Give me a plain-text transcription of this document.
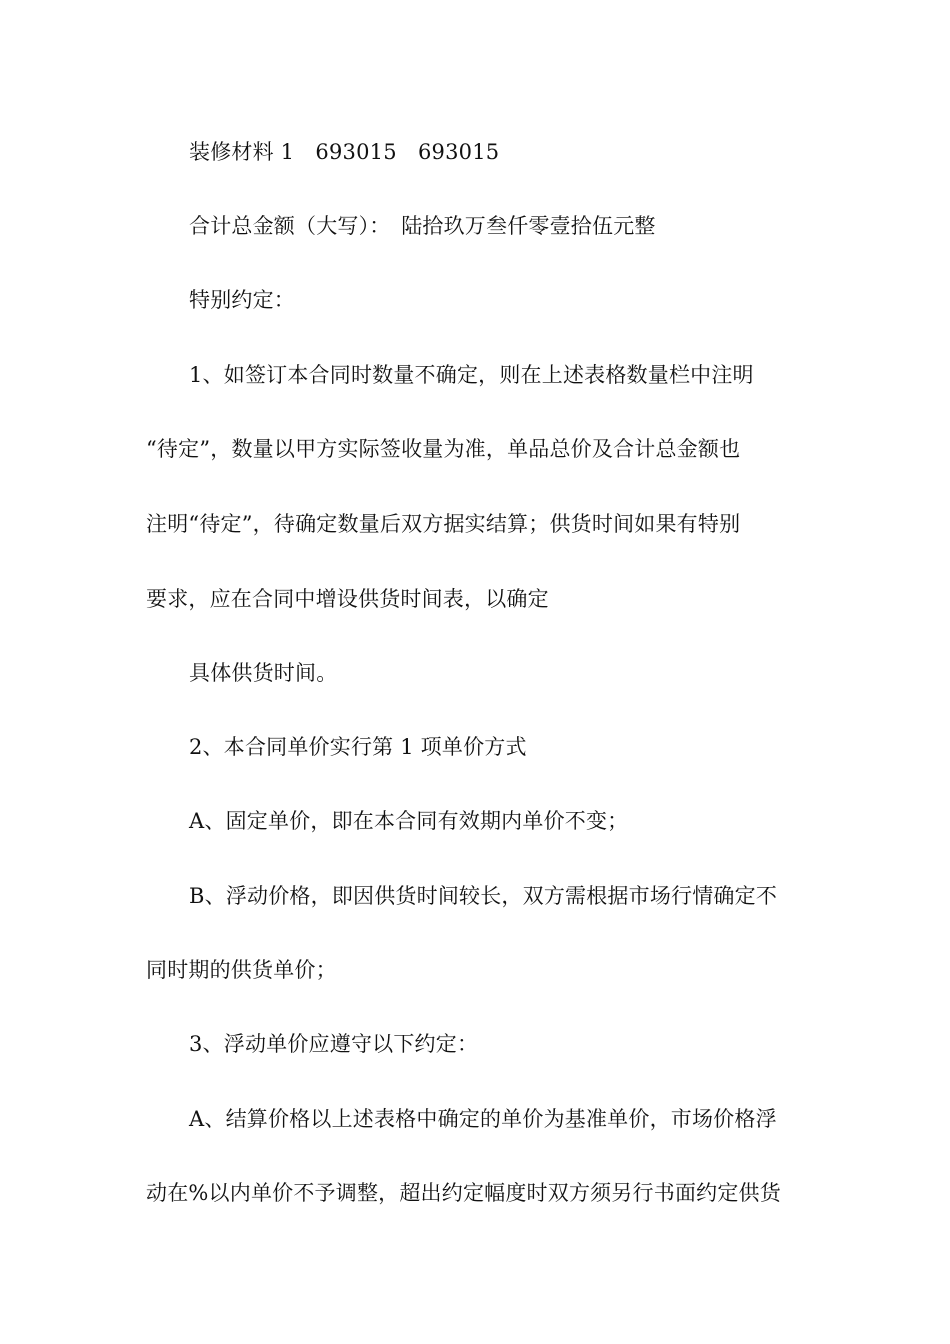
装修材料 1　693015　693015
合计总金额（大写）：　陆拾玖万叁仟零壹拾伍元整
特别约定：
1、如签订本合同时数量不确定，则在上述表格数量栏中注明
“待定”，数量以甲方实际签收量为准，单品总价及合计总金额也
注明“待定”，待确定数量后双方据实结算；供货时间如果有特别
要求，应在合同中增设供货时间表，以确定
具体供货时间。
2、本合同单价实行第 1 项单价方式
A、固定单价，即在本合同有效期内单价不变；
B、浮动价格，即因供货时间较长，双方需根据市场行情确定不
同时期的供货单价；
3、浮动单价应遵守以下约定：
A、结算价格以上述表格中确定的单价为基准单价，市场价格浮
动在%以内单价不予调整，超出约定幅度时双方须另行书面约定供货
